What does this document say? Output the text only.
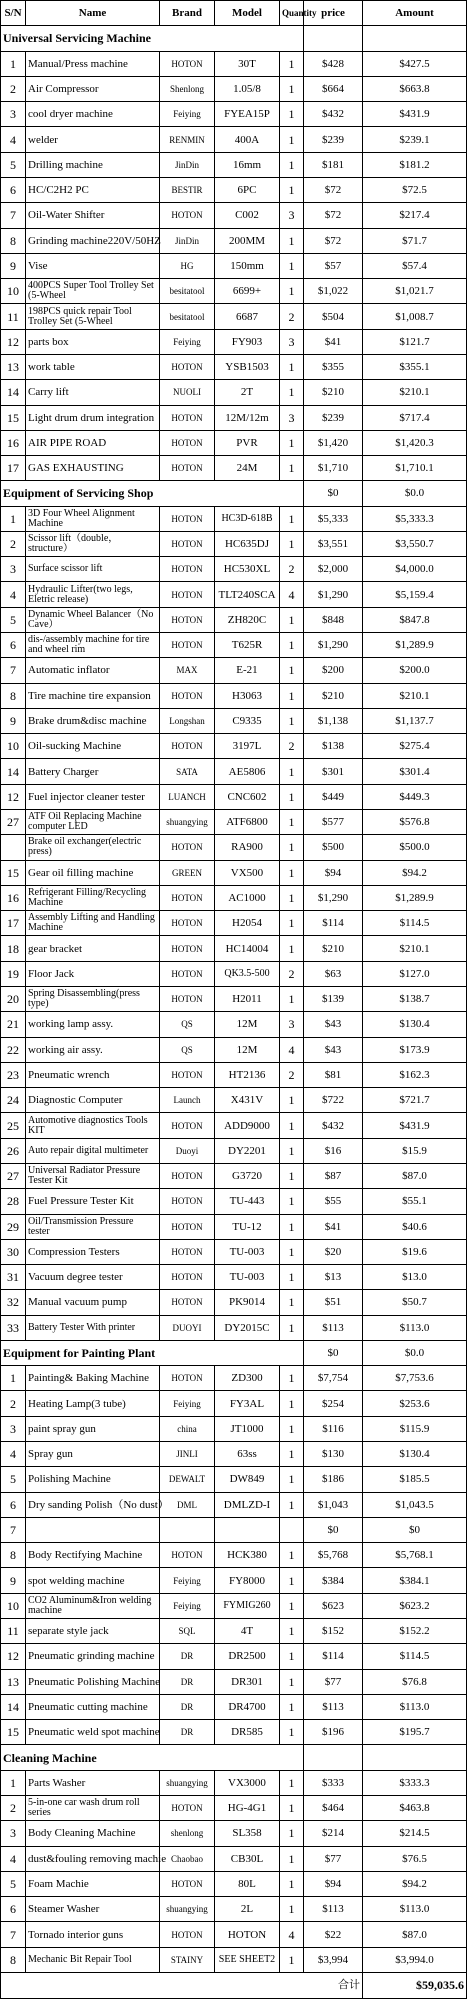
S/N	Name	Brand	Model	Quantity	price	Amount
Universal Servicing Machine						
1	Manual/Press machine	HOTON	30T	1	$428	$427.5
2	Air Compressor	Shenlong	1.05/8	1	$664	$663.8
3	cool dryer machine	Feiying	FYEA15P	1	$432	$431.9
4	welder	RENMIN	400A	1	$239	$239.1
5	Drilling machine	JinDin	16mm	1	$181	$181.2
6	HC/C2H2 PC	BESTIR	6PC	1	$72	$72.5
7	Oil-Water Shifter	HOTON	C002	3	$72	$217.4
8	Grinding machine220V/50HZ	JinDin	200MM	1	$72	$71.7
9	Vise	HG	150mm	1	$57	$57.4
10	400PCS Super Tool Trolley Set (5-Wheel	besitatool	6699+	1	$1,022	$1,021.7
11	198PCS quick repair Tool Trolley Set (5-Wheel	besitatool	6687	2	$504	$1,008.7
12	parts box	Feiying	FY903	3	$41	$121.7
13	work table	HOTON	YSB1503	1	$355	$355.1
14	Carry lift	NUOLI	2T	1	$210	$210.1
15	Light drum drum integration	HOTON	12M/12m	3	$239	$717.4
16	AIR PIPE ROAD	HOTON	PVR	1	$1,420	$1,420.3
17	GAS EXHAUSTING	HOTON	24M	1	$1,710	$1,710.1
Equipment of Servicing Shop					$0	$0.0
1	3D Four Wheel Alignment Machine	HOTON	HC3D-618B	1	$5,333	$5,333.3
2	Scissor lift（double，structure）	HOTON	HC635DJ	1	$3,551	$3,550.7
3	Surface scissor lift	HOTON	HC530XL	2	$2,000	$4,000.0
4	Hydraulic Lifter(two legs, Eletric release)	HOTON	TLT240SCA	4	$1,290	$5,159.4
5	Dynamic Wheel Balancer（No Cave）	HOTON	ZH820C	1	$848	$847.8
6	dis-/assembly machine for tire and wheel rim	HOTON	T625R	1	$1,290	$1,289.9
7	Automatic inflator	MAX	E-21	1	$200	$200.0
8	Tire machine tire expansion	HOTON	H3063	1	$210	$210.1
9	Brake drum&disc machine	Longshan	C9335	1	$1,138	$1,137.7
10	Oil-sucking Machine	HOTON	3197L	2	$138	$275.4
14	Battery Charger	SATA	AE5806	1	$301	$301.4
12	Fuel injector cleaner tester	LUANCH	CNC602	1	$449	$449.3
27	ATF Oil Replacing Machine computer LED	shuangying	ATF6800	1	$577	$576.8
	Brake oil exchanger(electric press)	HOTON	RA900	1	$500	$500.0
15	Gear oil filling machine	GREEN	VX500	1	$94	$94.2
16	Refrigerant Filling/Recycling Machine	HOTON	AC1000	1	$1,290	$1,289.9
17	Assembly Lifting and Handling Machine	HOTON	H2054	1	$114	$114.5
18	gear bracket	HOTON	HC14004	1	$210	$210.1
19	Floor Jack	HOTON	QK3.5-500	2	$63	$127.0
20	Spring Disassembling(press type)	HOTON	H2011	1	$139	$138.7
21	working lamp assy.	QS	12M	3	$43	$130.4
22	working air assy.	QS	12M	4	$43	$173.9
23	Pneumatic wrench	HOTON	HT2136	2	$81	$162.3
24	Diagnostic Computer	Launch	X431V	1	$722	$721.7
25	Automotive diagnostics Tools KIT	HOTON	ADD9000	1	$432	$431.9
26	Auto repair digital multimeter	Duoyi	DY2201	1	$16	$15.9
27	Universal Radiator Pressure Tester Kit	HOTON	G3720	1	$87	$87.0
28	Fuel Pressure Tester Kit	HOTON	TU-443	1	$55	$55.1
29	Oil/Transmission Pressure tester	HOTON	TU-12	1	$41	$40.6
30	Compression Testers	HOTON	TU-003	1	$20	$19.6
31	Vacuum degree tester	HOTON	TU-003	1	$13	$13.0
32	Manual vacuum pump	HOTON	PK9014	1	$51	$50.7
33	Battery Tester With printer	DUOYI	DY2015C	1	$113	$113.0
Equipment for Painting Plant					$0	$0.0
1	Painting& Baking Machine	HOTON	ZD300	1	$7,754	$7,753.6
2	Heating Lamp(3 tube)	Feiying	FY3AL	1	$254	$253.6
3	paint spray gun	china	JT1000	1	$116	$115.9
4	Spray gun	JINLI	63ss	1	$130	$130.4
5	Polishing Machine	DEWALT	DW849	1	$186	$185.5
6	Dry sanding Polish（No dust）	DML	DMLZD-I	1	$1,043	$1,043.5
7					$0	$0
8	Body Rectifying Machine	HOTON	HCK380	1	$5,768	$5,768.1
9	spot welding machine	Feiying	FY8000	1	$384	$384.1
10	CO2 Aluminum&Iron welding machine	Feiying	FYMIG260	1	$623	$623.2
11	separate style jack	SQL	4T	1	$152	$152.2
12	Pneumatic grinding machine	DR	DR2500	1	$114	$114.5
13	Pneumatic Polishing Machine	DR	DR301	1	$77	$76.8
14	Pneumatic cutting machine	DR	DR4700	1	$113	$113.0
15	Pneumatic weld spot machine	DR	DR585	1	$196	$195.7
Cleaning Machine						
1	Parts Washer	shuangying	VX3000	1	$333	$333.3
2	5-in-one car wash drum roll series	HOTON	HG-4G1	1	$464	$463.8
3	Body Cleaning Machine	shenlong	SL358	1	$214	$214.5
4	dust&fouling removing machie	Chaobao	CB30L	1	$77	$76.5
5	Foam Machie	HOTON	80L	1	$94	$94.2
6	Steamer Washer	shuangying	2L	1	$113	$113.0
7	Tornado interior guns	HOTON	HOTON	4	$22	$87.0
8	Mechanic Bit Repair Tool	STAINY	SEE SHEET2	1	$3,994	$3,994.0
合计						$59,035.6
